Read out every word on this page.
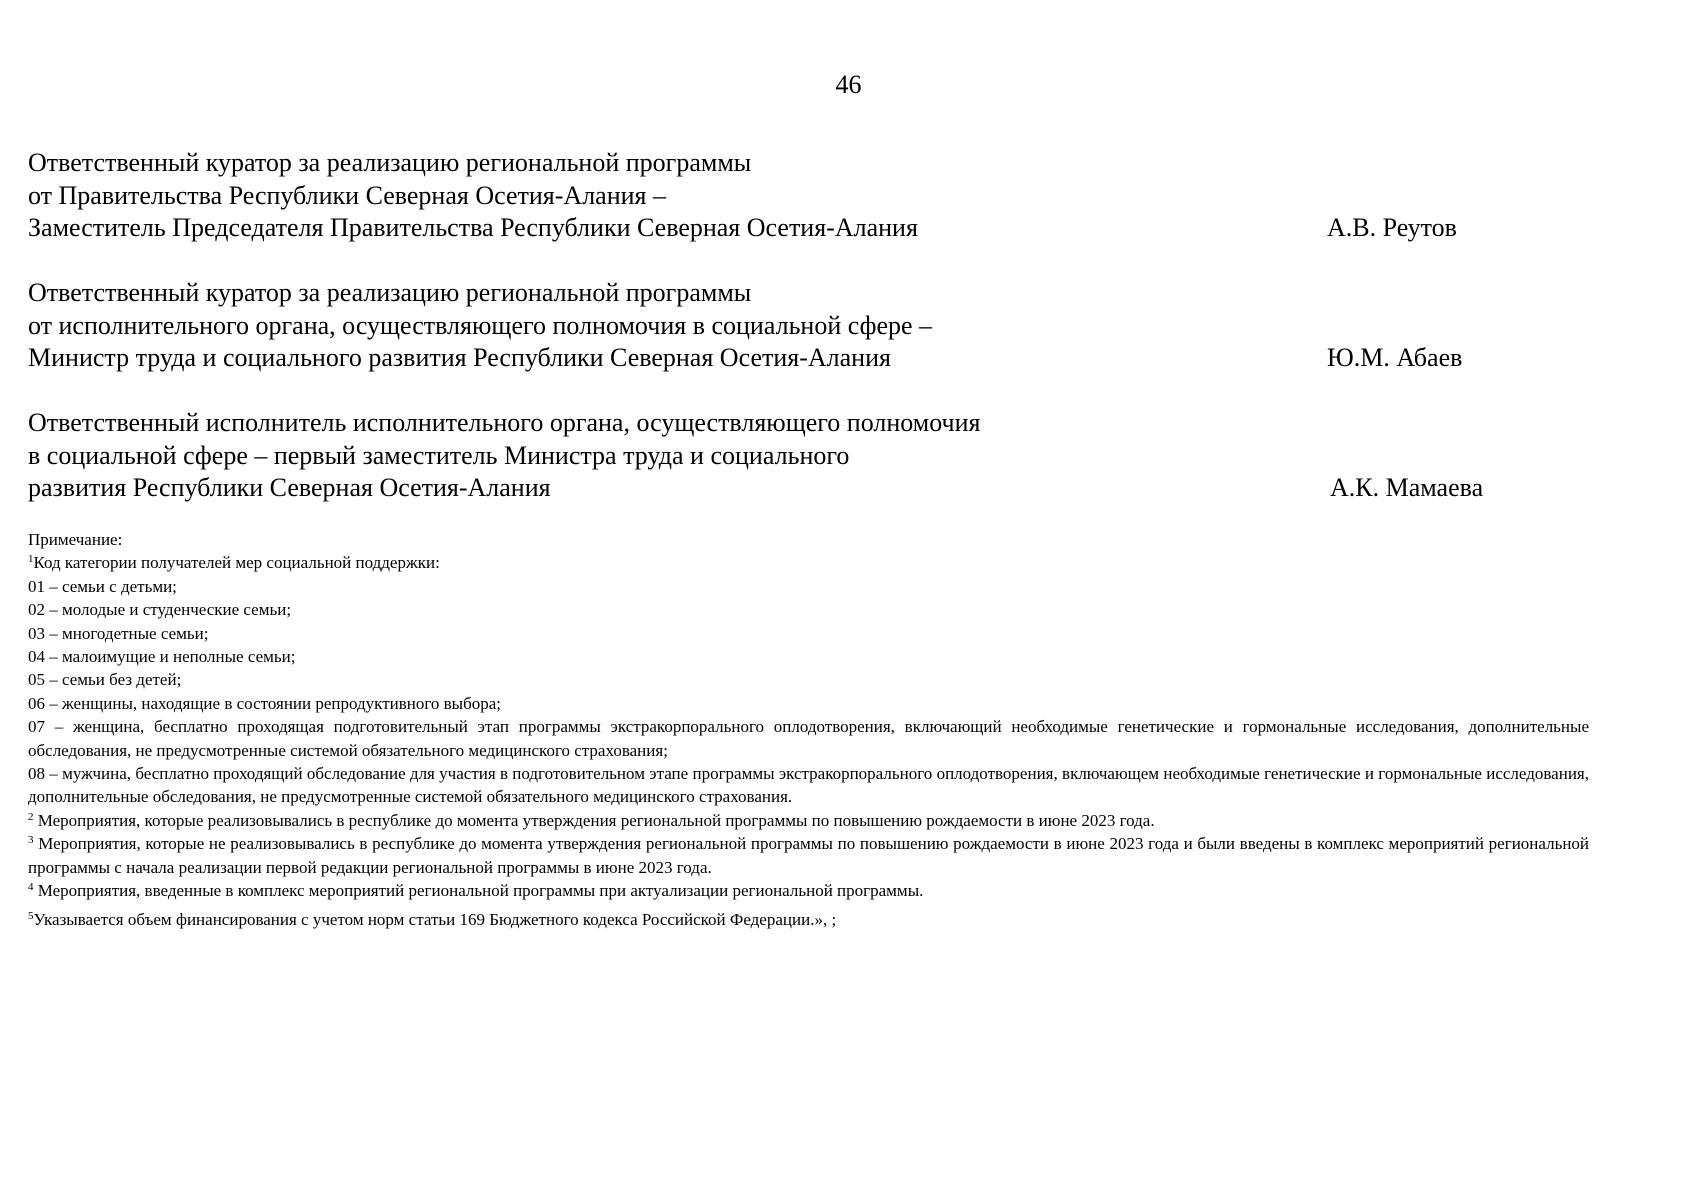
46
Ответственный куратор за реализацию региональной программы
от Правительства Республики Северная Осетия-Алания –
Заместитель Председателя Правительства Республики Северная Осетия-Алания	А.В. Реутов
Ответственный куратор за реализацию региональной программы
от исполнительного органа, осуществляющего полномочия в социальной сфере –
Министр труда и социального развития Республики Северная Осетия-Алания	Ю.М. Абаев
Ответственный исполнитель исполнительного органа, осуществляющего полномочия
в социальной сфере – первый заместитель Министра труда и социального
развития Республики Северная Осетия-Алания	А.К. Мамаева

Примечание:

$^1$Код категории получателей мер социальной поддержки:

01 – семьи с детьми;

02 – молодые и студенческие семьи;

03 – многодетные семьи;

04 – малоимущие и неполные семьи;

05 – семьи без детей;

06 – женщины, находящие в состоянии репродуктивного выбора;

07 – женщина, бесплатно проходящая подготовительный этап программы экстракорпорального оплодотворения, включающий необходимые генетические и гормональные исследования, дополнительные обследования, не предусмотренные системой обязательного медицинского страхования;

08 – мужчина, бесплатно проходящий обследование для участия в подготовительном этапе программы экстракорпорального оплодотворения, включающем необходимые генетические и гормональные исследования, дополнительные обследования, не предусмотренные системой обязательного медицинского страхования.

$^2$ Мероприятия, которые реализовывались в республике до момента утверждения региональной программы по повышению рождаемости в июне 2023 года.

$^3$ Мероприятия, которые не реализовывались в республике до момента утверждения региональной программы по повышению рождаемости в июне 2023 года и были введены в комплекс мероприятий региональной программы с начала реализации первой редакции региональной программы в июне 2023 года.

$^4$ Мероприятия, введенные в комплекс мероприятий региональной программы при актуализации региональной программы.

$^5$Указывается объем финансирования с учетом норм статьи 169 Бюджетного кодекса Российской Федерации.», ;
